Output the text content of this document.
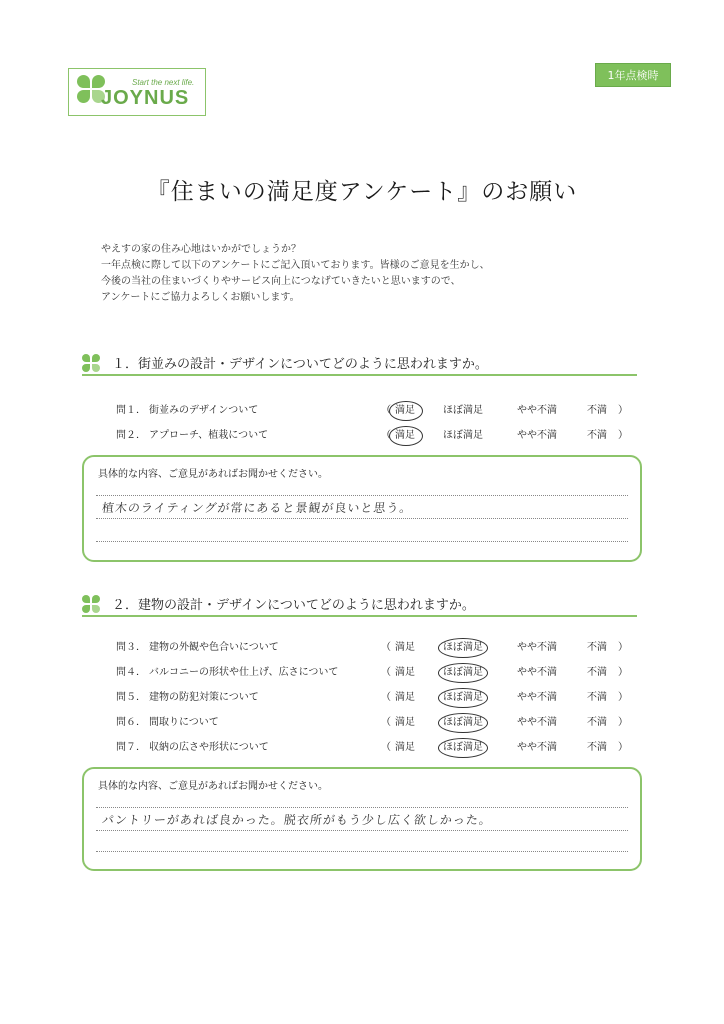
Start the next life.
JOYNUS
1年点検時
『住まいの満足度アンケート』のお願い
やえすの家の住み心地はいかがでしょうか？
一年点検に際して以下のアンケートにご記入頂いております。皆様のご意見を生かし、
今後の当社の住まいづくりやサービス向上につなげていきたいと思いますので、
アンケートにご協力よろしくお願いします。
１．街並みの設計・デザインについてどのように思われますか。
問１． 街並みのデザインついて	（ 満足	ほぼ満足	やや不満	不満 ）
問２． アプローチ、植栽について	（ 満足	ほぼ満足	やや不満	不満 ）
具体的な内容、ご意見があればお聞かせください。
植木のライティングが常にあると景観が良いと思う。
２．建物の設計・デザインについてどのように思われますか。
問３． 建物の外観や色合いについて	（ 満足	ほぼ満足	やや不満	不満 ）
問４． バルコニーの形状や仕上げ、広さについて	（ 満足	ほぼ満足	やや不満	不満 ）
問５． 建物の防犯対策について	（ 満足	ほぼ満足	やや不満	不満 ）
問６． 間取りについて	（ 満足	ほぼ満足	やや不満	不満 ）
問７． 収納の広さや形状について	（ 満足	ほぼ満足	やや不満	不満 ）
具体的な内容、ご意見があればお聞かせください。
パントリーがあれば良かった。脱衣所がもう少し広く欲しかった。
